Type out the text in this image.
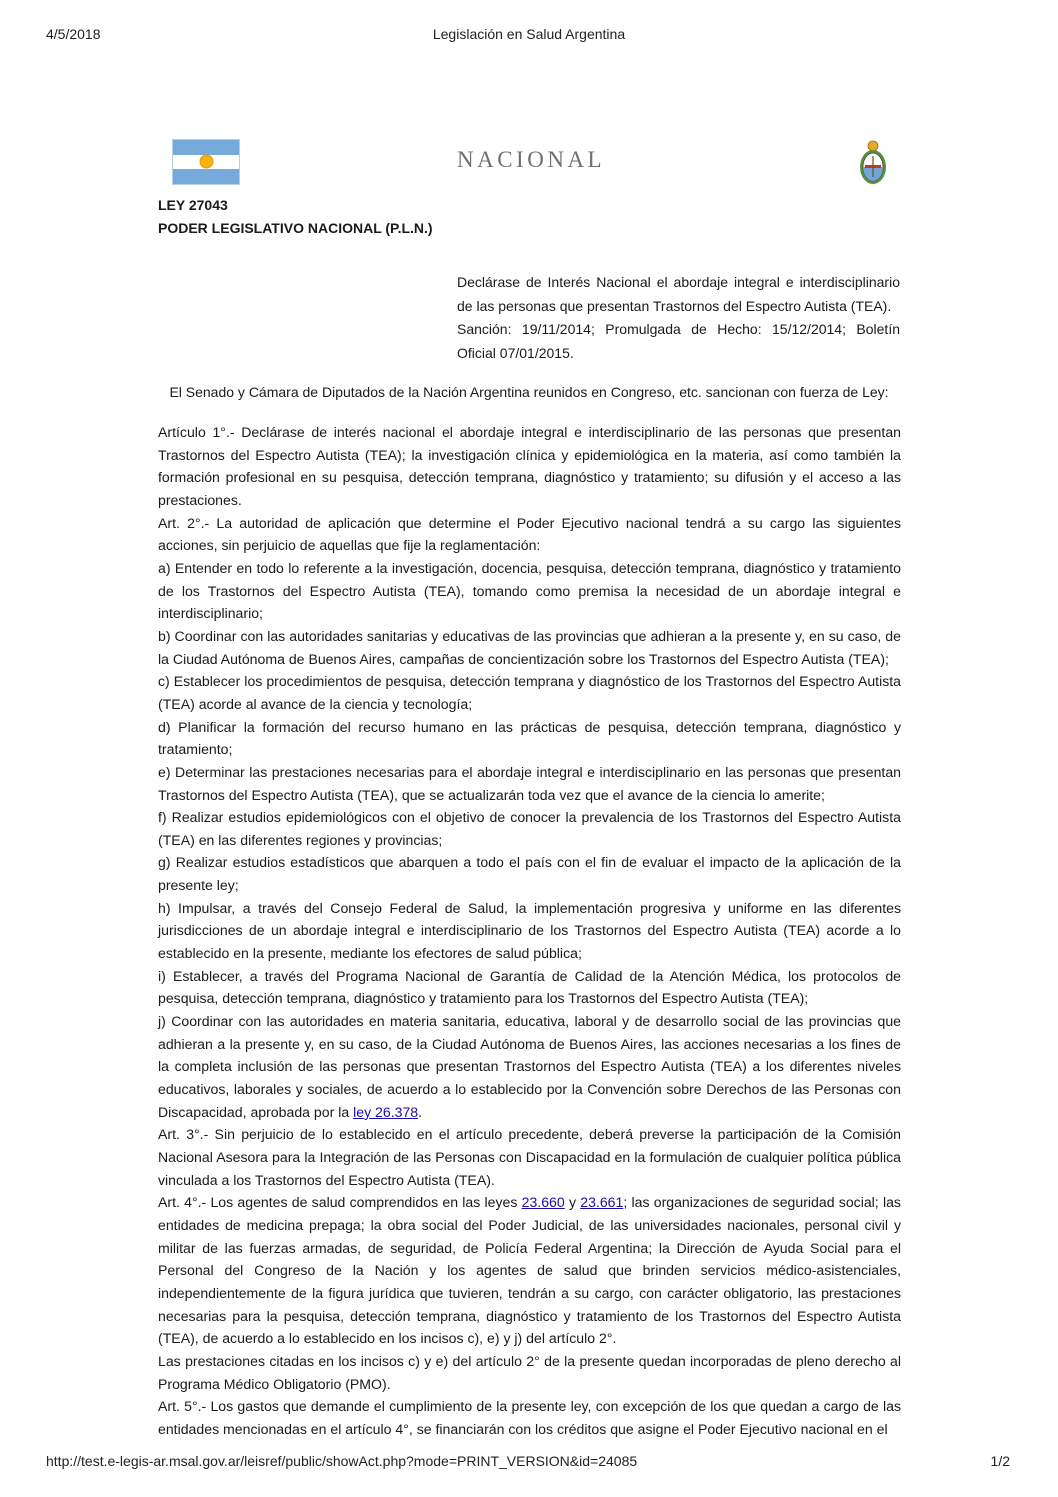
4/5/2018	Legislación en Salud Argentina
NACIONAL
LEY 27043
PODER LEGISLATIVO NACIONAL (P.L.N.)
Declárase de Interés Nacional el abordaje integral e interdisciplinario de las personas que presentan Trastornos del Espectro Autista (TEA).
Sanción: 19/11/2014; Promulgada de Hecho: 15/12/2014; Boletín Oficial 07/01/2015.
El Senado y Cámara de Diputados de la Nación Argentina reunidos en Congreso, etc. sancionan con fuerza de Ley:

Artículo 1°.- Declárase de interés nacional el abordaje integral e interdisciplinario de las personas que presentan Trastornos del Espectro Autista (TEA); la investigación clínica y epidemiológica en la materia, así como también la formación profesional en su pesquisa, detección temprana, diagnóstico y tratamiento; su difusión y el acceso a las prestaciones.

Art. 2°.- La autoridad de aplicación que determine el Poder Ejecutivo nacional tendrá a su cargo las siguientes acciones, sin perjuicio de aquellas que fije la reglamentación:

a) Entender en todo lo referente a la investigación, docencia, pesquisa, detección temprana, diagnóstico y tratamiento de los Trastornos del Espectro Autista (TEA), tomando como premisa la necesidad de un abordaje integral e interdisciplinario;

b) Coordinar con las autoridades sanitarias y educativas de las provincias que adhieran a la presente y, en su caso, de la Ciudad Autónoma de Buenos Aires, campañas de concientización sobre los Trastornos del Espectro Autista (TEA);

c) Establecer los procedimientos de pesquisa, detección temprana y diagnóstico de los Trastornos del Espectro Autista (TEA) acorde al avance de la ciencia y tecnología;

d) Planificar la formación del recurso humano en las prácticas de pesquisa, detección temprana, diagnóstico y tratamiento;

e) Determinar las prestaciones necesarias para el abordaje integral e interdisciplinario en las personas que presentan Trastornos del Espectro Autista (TEA), que se actualizarán toda vez que el avance de la ciencia lo amerite;

f) Realizar estudios epidemiológicos con el objetivo de conocer la prevalencia de los Trastornos del Espectro Autista (TEA) en las diferentes regiones y provincias;

g) Realizar estudios estadísticos que abarquen a todo el país con el fin de evaluar el impacto de la aplicación de la presente ley;

h) Impulsar, a través del Consejo Federal de Salud, la implementación progresiva y uniforme en las diferentes jurisdicciones de un abordaje integral e interdisciplinario de los Trastornos del Espectro Autista (TEA) acorde a lo establecido en la presente, mediante los efectores de salud pública;

i) Establecer, a través del Programa Nacional de Garantía de Calidad de la Atención Médica, los protocolos de pesquisa, detección temprana, diagnóstico y tratamiento para los Trastornos del Espectro Autista (TEA);

j) Coordinar con las autoridades en materia sanitaria, educativa, laboral y de desarrollo social de las provincias que adhieran a la presente y, en su caso, de la Ciudad Autónoma de Buenos Aires, las acciones necesarias a los fines de la completa inclusión de las personas que presentan Trastornos del Espectro Autista (TEA) a los diferentes niveles educativos, laborales y sociales, de acuerdo a lo establecido por la Convención sobre Derechos de las Personas con Discapacidad, aprobada por la ley 26.378.

Art. 3°.- Sin perjuicio de lo establecido en el artículo precedente, deberá preverse la participación de la Comisión Nacional Asesora para la Integración de las Personas con Discapacidad en la formulación de cualquier política pública vinculada a los Trastornos del Espectro Autista (TEA).

Art. 4°.- Los agentes de salud comprendidos en las leyes 23.660 y 23.661; las organizaciones de seguridad social; las entidades de medicina prepaga; la obra social del Poder Judicial, de las universidades nacionales, personal civil y militar de las fuerzas armadas, de seguridad, de Policía Federal Argentina; la Dirección de Ayuda Social para el Personal del Congreso de la Nación y los agentes de salud que brinden servicios médico-asistenciales, independientemente de la figura jurídica que tuvieren, tendrán a su cargo, con carácter obligatorio, las prestaciones necesarias para la pesquisa, detección temprana, diagnóstico y tratamiento de los Trastornos del Espectro Autista (TEA), de acuerdo a lo establecido en los incisos c), e) y j) del artículo 2°.

Las prestaciones citadas en los incisos c) y e) del artículo 2° de la presente quedan incorporadas de pleno derecho al Programa Médico Obligatorio (PMO).

Art. 5°.- Los gastos que demande el cumplimiento de la presente ley, con excepción de los que quedan a cargo de las entidades mencionadas en el artículo 4°, se financiarán con los créditos que asigne el Poder Ejecutivo nacional en el

http://test.e-legis-ar.msal.gov.ar/leisref/public/showAct.php?mode=PRINT_VERSION&id=24085	1/2
